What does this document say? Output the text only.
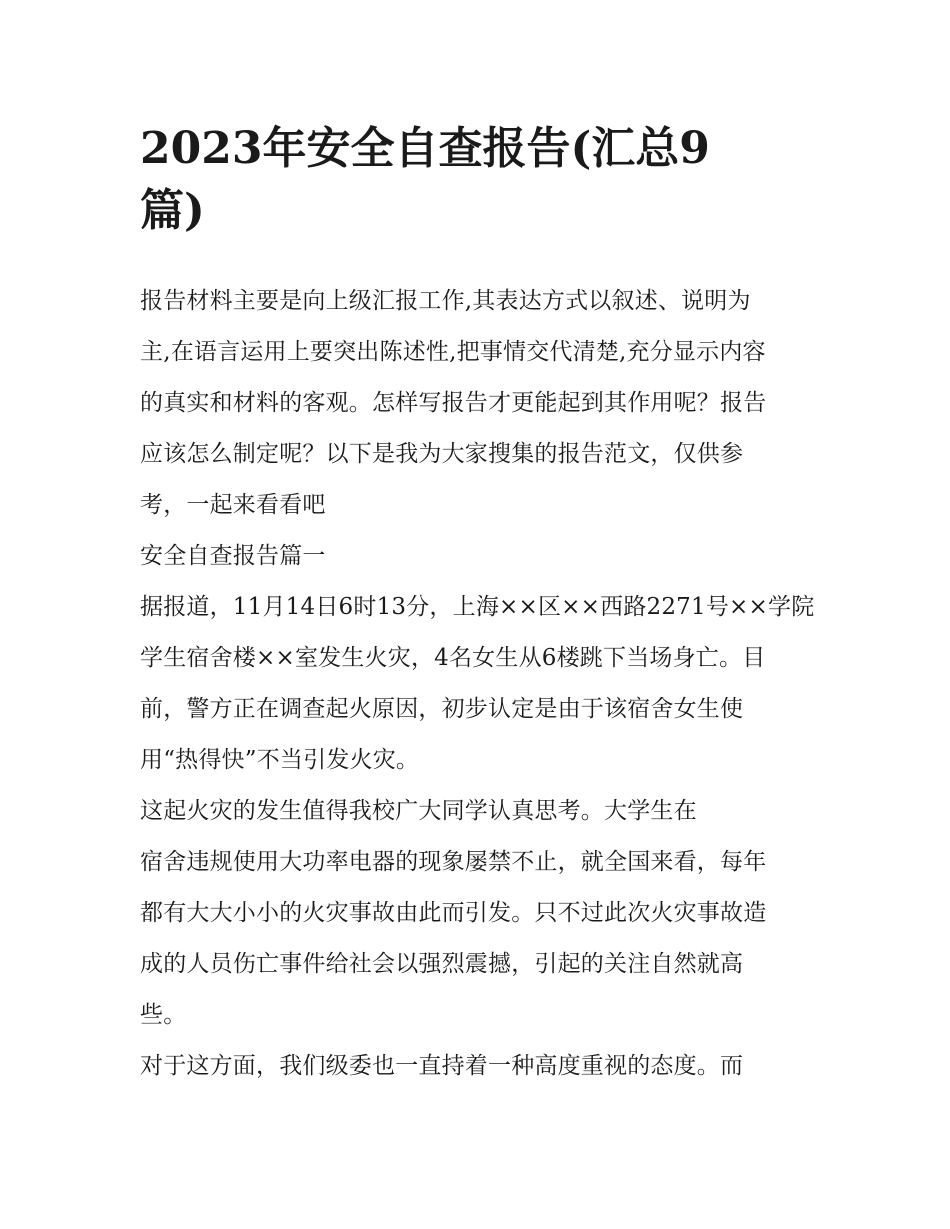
2023年安全自查报告(汇总9
篇)

报告材料主要是向上级汇报工作,其表达方式以叙述、说明为
主,在语言运用上要突出陈述性,把事情交代清楚,充分显示内容
的真实和材料的客观。怎样写报告才更能起到其作用呢？报告
应该怎么制定呢？以下是我为大家搜集的报告范文，仅供参
考，一起来看看吧

安全自查报告篇一

据报道，11月14日6时13分，上海××区××西路2271号××学院
学生宿舍楼××室发生火灾，4名女生从6楼跳下当场身亡。目
前，警方正在调查起火原因，初步认定是由于该宿舍女生使
用“热得快”不当引发火灾。

这起火灾的发生值得我校广大同学认真思考。大学生在
宿舍违规使用大功率电器的现象屡禁不止，就全国来看，每年
都有大大小小的火灾事故由此而引发。只不过此次火灾事故造
成的人员伤亡事件给社会以强烈震撼，引起的关注自然就高
些。

对于这方面，我们级委也一直持着一种高度重视的态度。而
